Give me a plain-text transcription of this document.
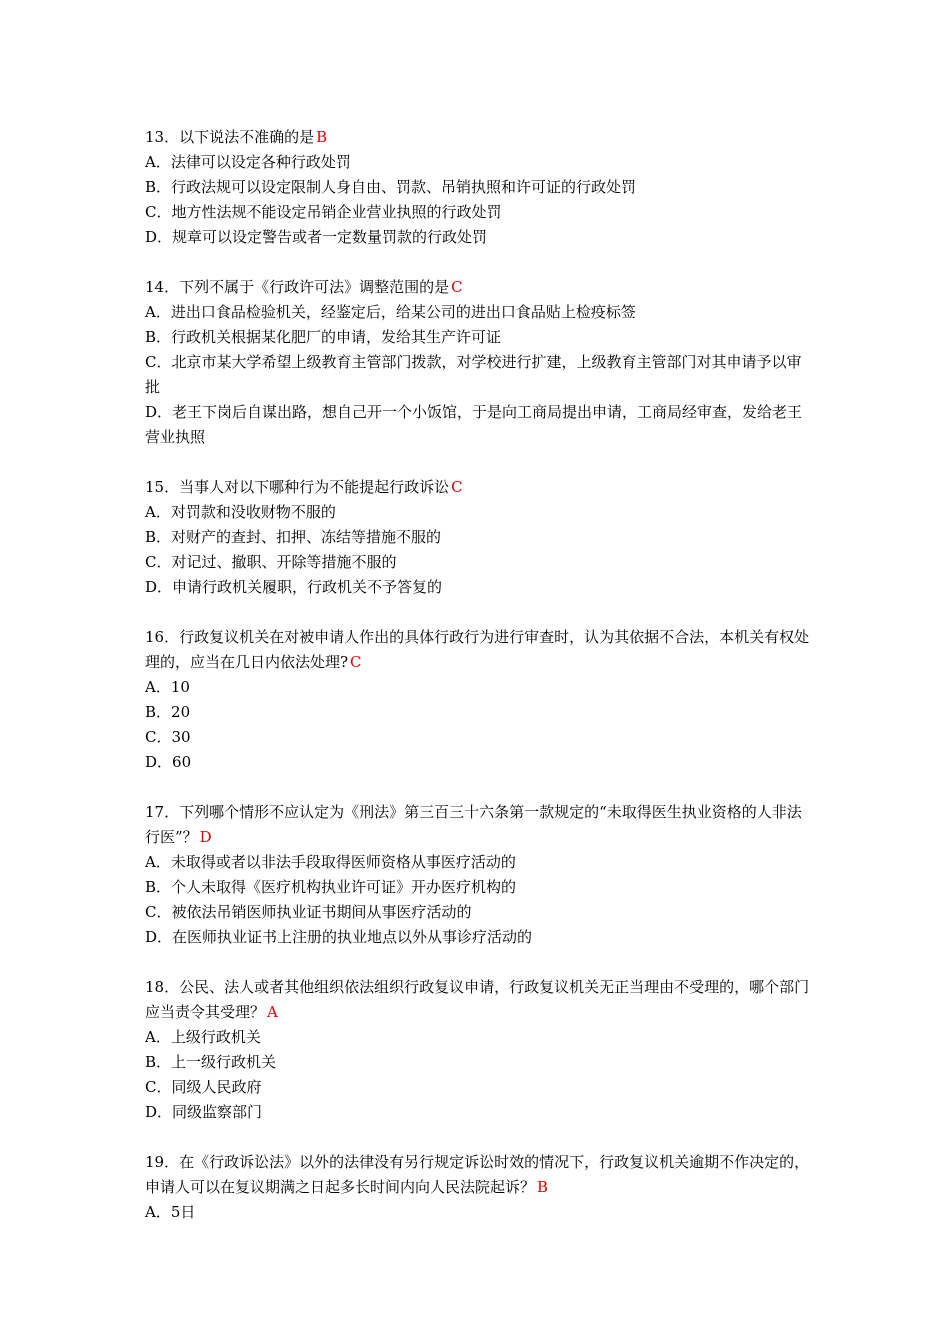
13．以下说法不准确的是 B
A．法律可以设定各种行政处罚
B．行政法规可以设定限制人身自由、罚款、吊销执照和许可证的行政处罚
C．地方性法规不能设定吊销企业营业执照的行政处罚
D．规章可以设定警告或者一定数量罚款的行政处罚
14．下列不属于《行政许可法》调整范围的是 C
A．进出口食品检验机关，经鉴定后，给某公司的进出口食品贴上检疫标签
B．行政机关根据某化肥厂的申请，发给其生产许可证
C．北京市某大学希望上级教育主管部门拨款，对学校进行扩建，上级教育主管部门对其申请予以审批
D．老王下岗后自谋出路，想自己开一个小饭馆，于是向工商局提出申请，工商局经审查，发给老王营业执照
15．当事人对以下哪种行为不能提起行政诉讼 C
A．对罚款和没收财物不服的
B．对财产的查封、扣押、冻结等措施不服的
C．对记过、撤职、开除等措施不服的
D．申请行政机关履职，行政机关不予答复的
16．行政复议机关在对被申请人作出的具体行政行为进行审查时，认为其依据不合法，本机关有权处理的，应当在几日内依法处理? C
A．10
B．20
C．30
D．60
17．下列哪个情形不应认定为《刑法》第三百三十六条第一款规定的“未取得医生执业资格的人非法行医”？ D
A．未取得或者以非法手段取得医师资格从事医疗活动的
B．个人未取得《医疗机构执业许可证》开办医疗机构的
C．被依法吊销医师执业证书期间从事医疗活动的
D．在医师执业证书上注册的执业地点以外从事诊疗活动的
18．公民、法人或者其他组织依法组织行政复议申请，行政复议机关无正当理由不受理的，哪个部门应当责令其受理？ A
A．上级行政机关
B．上一级行政机关
C．同级人民政府
D．同级监察部门
19．在《行政诉讼法》以外的法律没有另行规定诉讼时效的情况下，行政复议机关逾期不作决定的，申请人可以在复议期满之日起多长时间内向人民法院起诉？ B
A．5日
